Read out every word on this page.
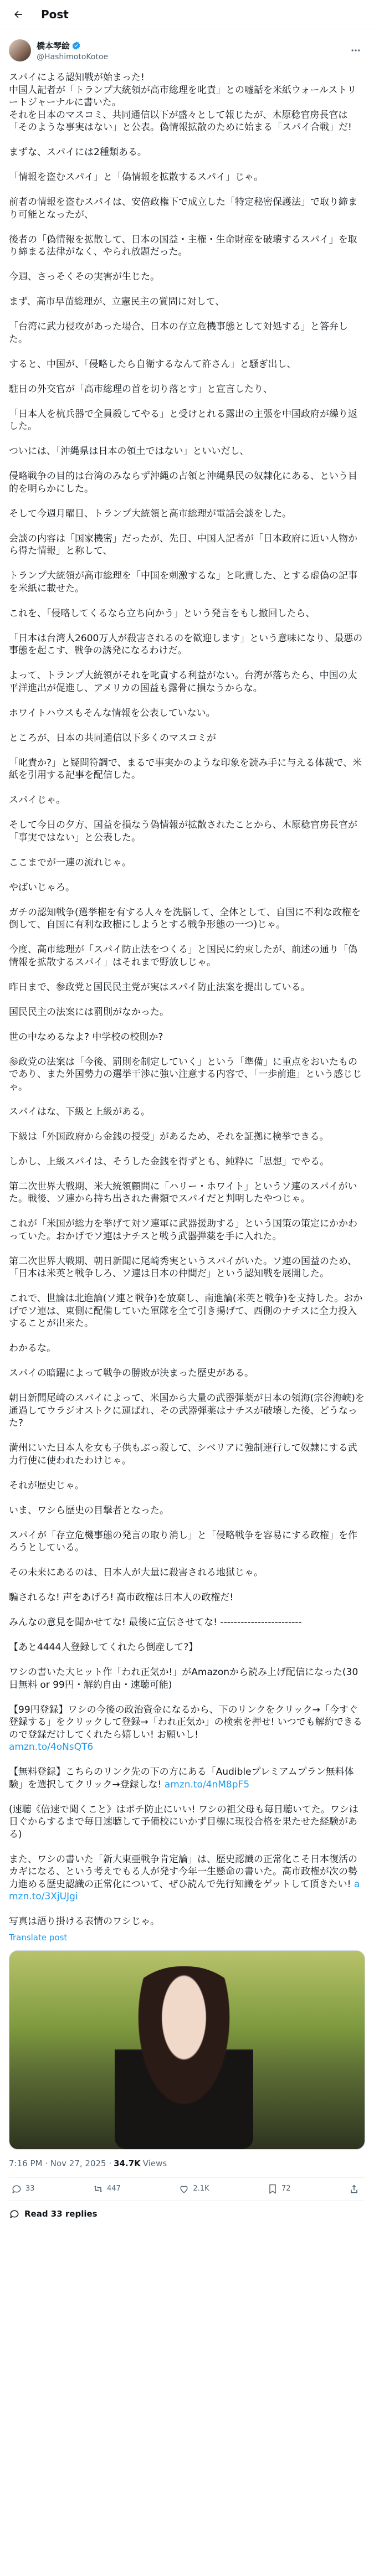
Post
橋本琴絵
@HashimotoKotoe
スパイによる認知戦が始まった!
中国人記者が「トランプ大統領が高市総理を叱責」との嘘話を米紙ウォールストリートジャーナルに書いた。
それを日本のマスコミ、共同通信以下が盛々として報じたが、木原稔官房長官は「そのような事実はない」と公表。偽情報拡散のために始まる「スパイ合戦」だ!
まずな、スパイには2種類ある。
「情報を盗むスパイ」と「偽情報を拡散するスパイ」じゃ。
前者の情報を盗むスパイは、安倍政権下で成立した「特定秘密保護法」で取り締まり可能となったが、
後者の「偽情報を拡散して、日本の国益・主権・生命財産を破壊するスパイ」を取り締まる法律がなく、やられ放題だった。
今週、さっそくその実害が生じた。
まず、高市早苗総理が、立憲民主の質問に対して、
「台湾に武力侵攻があった場合、日本の存立危機事態として対処する」と答弁した。
すると、中国が、「侵略したら自衛するなんて許さん」と騒ぎ出し、
駐日の外交官が「高市総理の首を切り落とす」と宣言したり、
「日本人を杭兵器で全員殺してやる」と受けとれる露出の主張を中国政府が繰り返した。
ついには、「沖縄県は日本の領土ではない」といいだし、
侵略戦争の目的は台湾のみならず沖縄の占領と沖縄県民の奴隷化にある、という目的を明らかにした。
そして今週月曜日、トランプ大統領と高市総理が電話会談をした。
会談の内容は「国家機密」だったが、先日、中国人記者が「日本政府に近い人物から得た情報」と称して、
トランプ大統領が高市総理を「中国を刺激するな」と叱責した、とする虚偽の記事を米紙に載せた。
これを、「侵略してくるなら立ち向かう」という発言をもし撤回したら、
「日本は台湾人2600万人が殺害されるのを歓迎します」という意味になり、最悪の事態を起こす、戦争の誘発になるわけだ。
よって、トランプ大統領がそれを叱責する利益がない。台湾が落ちたら、中国の太平洋進出が促進し、アメリカの国益も露骨に損なうからな。
ホワイトハウスもそんな情報を公表していない。
ところが、日本の共同通信以下多くのマスコミが
「叱責か?」と疑問符調で、まるで事実かのような印象を読み手に与える体裁で、米紙を引用する記事を配信した。
スパイじゃ。
そして今日の夕方、国益を損なう偽情報が拡散されたことから、木原稔官房長官が「事実ではない」と公表した。
ここまでが一連の流れじゃ。
やばいじゃろ。
ガチの認知戦争(選挙権を有する人々を洗脳して、全体として、自国に不利な政権を倒して、自国に有利な政権にしようとする戦争形態の一つ)じゃ。
今度、高市総理が「スパイ防止法をつくる」と国民に約束したが、前述の通り「偽情報を拡散するスパイ」はそれまで野放しじゃ。
昨日まで、参政党と国民民主党が実はスパイ防止法案を提出している。
国民民主の法案には罰則がなかった。
世の中なめるなよ? 中学校の校則か?
参政党の法案は「今後、罰則を制定していく」という「準備」に重点をおいたものであり、また外国勢力の選挙干渉に強い注意する内容で、「一歩前進」という感じじゃ。
スパイはな、下級と上級がある。
下級は「外国政府から金銭の授受」があるため、それを証拠に検挙できる。
しかし、上級スパイは、そうした金銭を得ずとも、純粋に「思想」でやる。
第二次世界大戦期、米大統領顧問に「ハリー・ホワイト」というソ連のスパイがいた。戦後、ソ連から持ち出された書類でスパイだと判明したやつじゃ。
これが「米国が総力を挙げて対ソ連軍に武器援助する」という国策の策定にかかわっていた。おかげでソ連はナチスと戦う武器弾薬を手に入れた。
第二次世界大戦期、朝日新聞に尾崎秀実というスパイがいた。ソ連の国益のため、「日本は米英と戦争しろ、ソ連は日本の仲間だ」という認知戦を展開した。
これで、世論は北進論(ソ連と戦争)を放棄し、南進論(米英と戦争)を支持した。おかげでソ連は、東側に配備していた軍隊を全て引き揚げて、西側のナチスに全力投入することが出来た。
わかるな。
スパイの暗躍によって戦争の勝敗が決まった歴史がある。
朝日新聞尾崎のスパイによって、米国から大量の武器弾薬が日本の領海(宗谷海峡)を通過してウラジオストクに運ばれ、その武器弾薬はナチスが破壊した後、どうなった?
満州にいた日本人を女も子供もぶっ殺して、シベリアに強制連行して奴隷にする武力行使に使われたわけじゃ。
それが歴史じゃ。
いま、ワシら歴史の目撃者となった。
スパイが「存立危機事態の発言の取り消し」と「侵略戦争を容易にする政権」を作ろうとしている。
その未来にあるのは、日本人が大量に殺害される地獄じゃ。
騙されるな! 声をあげろ! 高市政権は日本人の政権だ!
みんなの意見を聞かせてな! 最後に宣伝させてな! ------------------------
【あと4444人登録してくれたら倒産して?】
ワシの書いた大ヒット作「われ正気か!」がAmazonから読み上げ配信になった(30日無料 or 99円・解約自由・速聴可能)
【99円登録】ワシの今後の政治資金になるから、下のリンクをクリック→「今すぐ登録する」をクリックして登録→「われ正気か」の検索を押せ! いつでも解約できるので登録だけしてくれたら嬉しい! お願いし!
amzn.to/4oNsQT6
【無料登録】こちらのリンク先の下の方にある「Audibleプレミアムプラン無料体験」を選択してクリック→登録しな! amzn.to/4nM8pF5
(速聴《倍速で聞くこと》はポチ防止にいい! ワシの祖父母も毎日聴いてた。ワシは日ぐからするまで毎日速聴して予備校にいかず目標に現役合格を果たせた経験がある)
また、ワシの書いた「新大東亜戦争肯定論」は、歴史認識の正常化こそ日本復活のカギになる、という考えでもる人が発す今年一生懸命の書いた。高市政権が次の勢力進める歴史認識の正常化について、ぜひ読んで先行知識をゲットして頂きたい! amzn.to/3XjUJgi
写真は語り掛ける表情のワシじゃ。
Translate post
7:16 PM · Nov 27, 2025 · 34.7K Views
33	447	2.1K	72
Read 33 replies
